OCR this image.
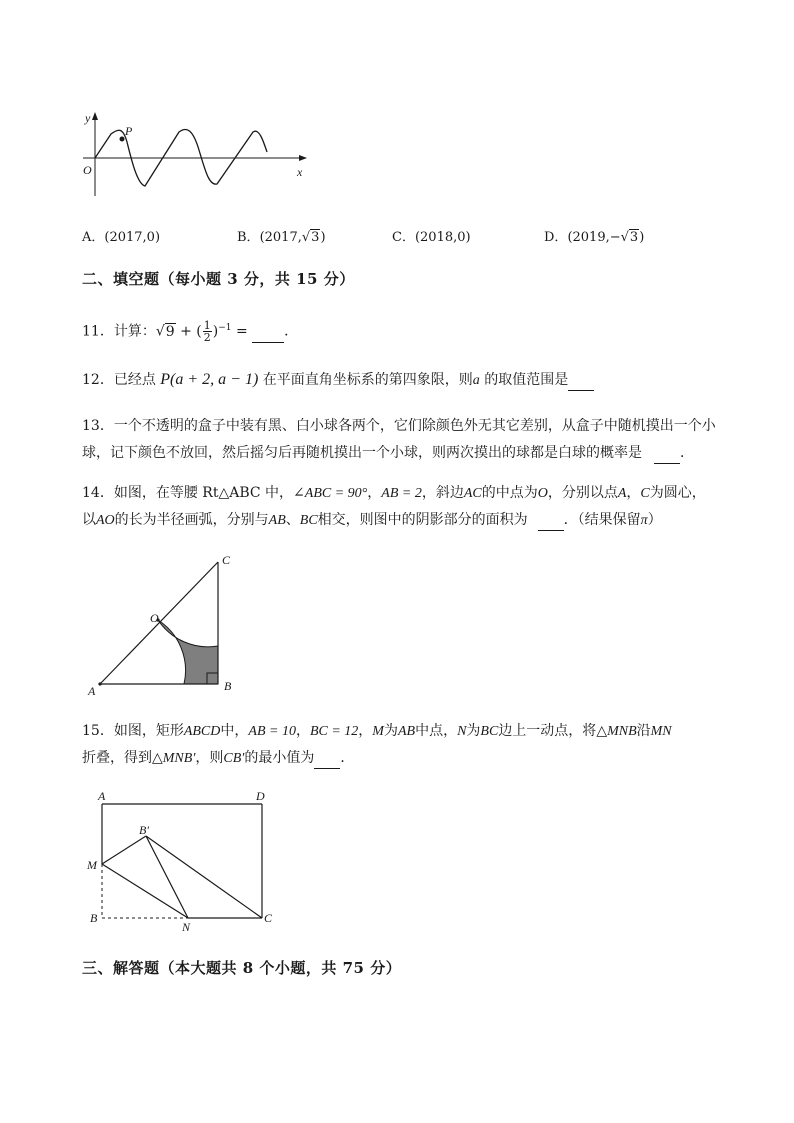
y
P
O	x
A．(2017,0)	B．(2017,√3)	C．(2018,0)	D．(2019,−√3)
二、填空题（每小题 3 分，共 15 分）
11．计算：√9 + ( $\frac{1}{2} )^{-1}$ =  ．
12．已经点 P(a + 2, a − 1) 在平面直角坐标系的第四象限，则a 的取值范围是
13．一个不透明的盒子中装有黑、白小球各两个，它们除颜色外无其它差别，从盒子中随机摸出一个小
球，记下颜色不放回，然后摇匀后再随机摸出一个小球，则两次摸出的球都是白球的概率是	．
14．如图，在等腰 Rt△ABC 中，∠ABC = 90°，AB = 2，斜边AC的中点为O，分别以点A，C为圆心，
以AO的长为半径画弧，分别与AB、BC相交，则图中的阴影部分的面积为	．（结果保留π）
A	B
C
O
15．如图，矩形ABCD中，AB = 10，BC = 12，M为AB中点，N为BC边上一动点，将△MNB沿MN
折叠，得到△MNB′，则CB′的最小值为 ．
A	D
B′
M
B
N
C
三、解答题（本大题共 8 个小题，共 75 分）
